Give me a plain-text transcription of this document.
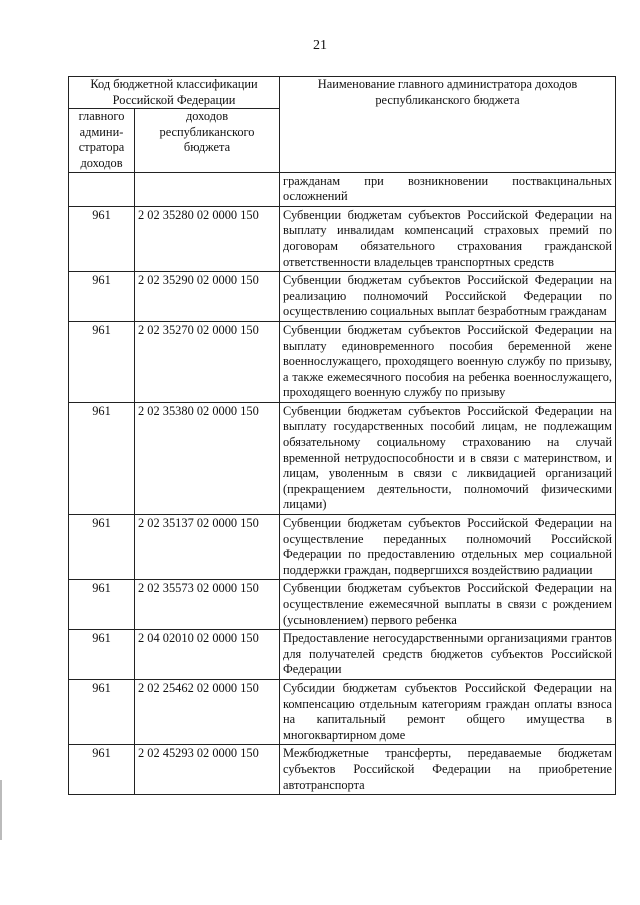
21
Код бюджетной классификации Российской Федерации		Наименование главного администратора доходов республиканского бюджета
главного админи-стратора доходов	доходов республиканского бюджета	
		гражданам при возникновении поствакцинальных осложнений
961	2 02 35280 02 0000 150	Субвенции бюджетам субъектов Российской Федерации на выплату инвалидам компенсаций страховых премий по договорам обязательного страхования гражданской ответственности владельцев транспортных средств
961	2 02 35290 02 0000 150	Субвенции бюджетам субъектов Российской Федерации на реализацию полномочий Российской Федерации по осуществлению социальных выплат безработным гражданам
961	2 02 35270 02 0000 150	Субвенции бюджетам субъектов Российской Федерации на выплату единовременного пособия беременной жене военнослужащего, проходящего военную службу по призыву, а также ежемесячного пособия на ребенка военнослужащего, проходящего военную службу по призыву
961	2 02 35380 02 0000 150	Субвенции бюджетам субъектов Российской Федерации на выплату государственных пособий лицам, не подлежащим обязательному социальному страхованию на случай временной нетрудоспособности и в связи с материнством, и лицам, уволенным в связи с ликвидацией организаций (прекращением деятельности, полномочий физическими лицами)
961	2 02 35137 02 0000 150	Субвенции бюджетам субъектов Российской Федерации на осуществление переданных полномочий Российской Федерации по предоставлению отдельных мер социальной поддержки граждан, подвергшихся воздействию радиации
961	2 02 35573 02 0000 150	Субвенции бюджетам субъектов Российской Федерации на осуществление ежемесячной выплаты в связи с рождением (усыновлением) первого ребенка
961	2 04 02010 02 0000 150	Предоставление негосударственными организациями грантов для получателей средств бюджетов субъектов Российской Федерации
961	2 02 25462 02 0000 150	Субсидии бюджетам субъектов Российской Федерации на компенсацию отдельным категориям граждан оплаты взноса на капитальный ремонт общего имущества в многоквартирном доме
961	2 02 45293 02 0000 150	Межбюджетные трансферты, передаваемые бюджетам субъектов Российской Федерации на приобретение автотранспорта
